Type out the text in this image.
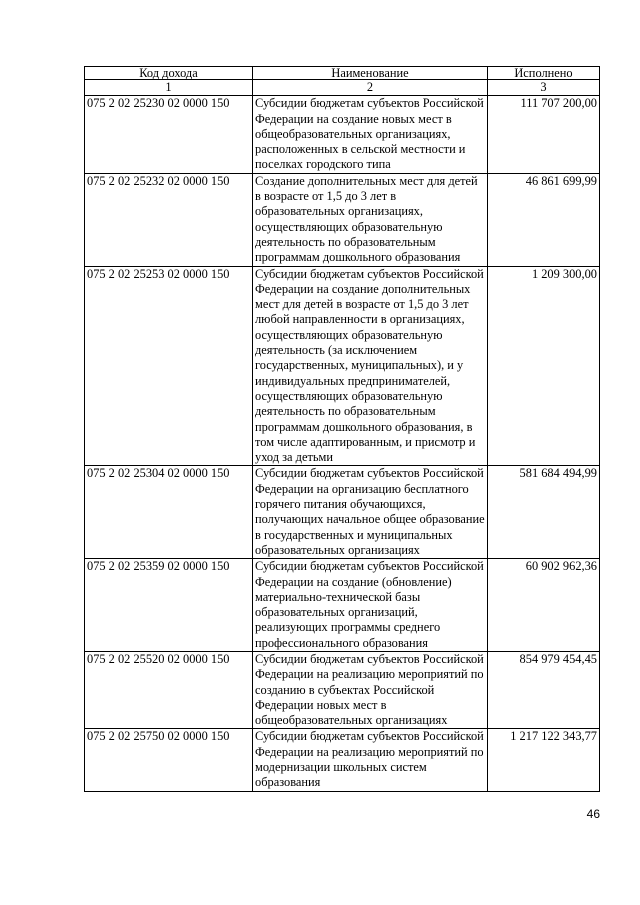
Код дохода	Наименование	Исполнено
1	2	3
075 2 02 25230 02 0000 150	Субсидии бюджетам субъектов Российской Федерации на создание новых мест в общеобразовательных организациях, расположенных в сельской местности и поселках городского типа	111 707 200,00
075 2 02 25232 02 0000 150	Создание дополнительных мест для детей в возрасте от 1,5 до 3 лет в образовательных организациях, осуществляющих образовательную деятельность по образовательным программам дошкольного образования	46 861 699,99
075 2 02 25253 02 0000 150	Субсидии бюджетам субъектов Российской Федерации на создание дополнительных мест для детей в возрасте от 1,5 до 3 лет любой направленности в организациях, осуществляющих образовательную деятельность (за исключением государственных, муниципальных), и у индивидуальных предпринимателей, осуществляющих образовательную деятельность по образовательным программам дошкольного образования, в том числе адаптированным, и присмотр и уход за детьми	1 209 300,00
075 2 02 25304 02 0000 150	Субсидии бюджетам субъектов Российской Федерации на организацию бесплатного горячего питания обучающихся, получающих начальное общее образование в государственных и муниципальных образовательных организациях	581 684 494,99
075 2 02 25359 02 0000 150	Субсидии бюджетам субъектов Российской Федерации на создание (обновление) материально-технической базы образовательных организаций, реализующих программы среднего профессионального образования	60 902 962,36
075 2 02 25520 02 0000 150	Субсидии бюджетам субъектов Российской Федерации на реализацию мероприятий по созданию в субъектах Российской Федерации новых мест в общеобразовательных организациях	854 979 454,45
075 2 02 25750 02 0000 150	Субсидии бюджетам субъектов Российской Федерации на реализацию мероприятий по модернизации школьных систем образования	1 217 122 343,77
46
